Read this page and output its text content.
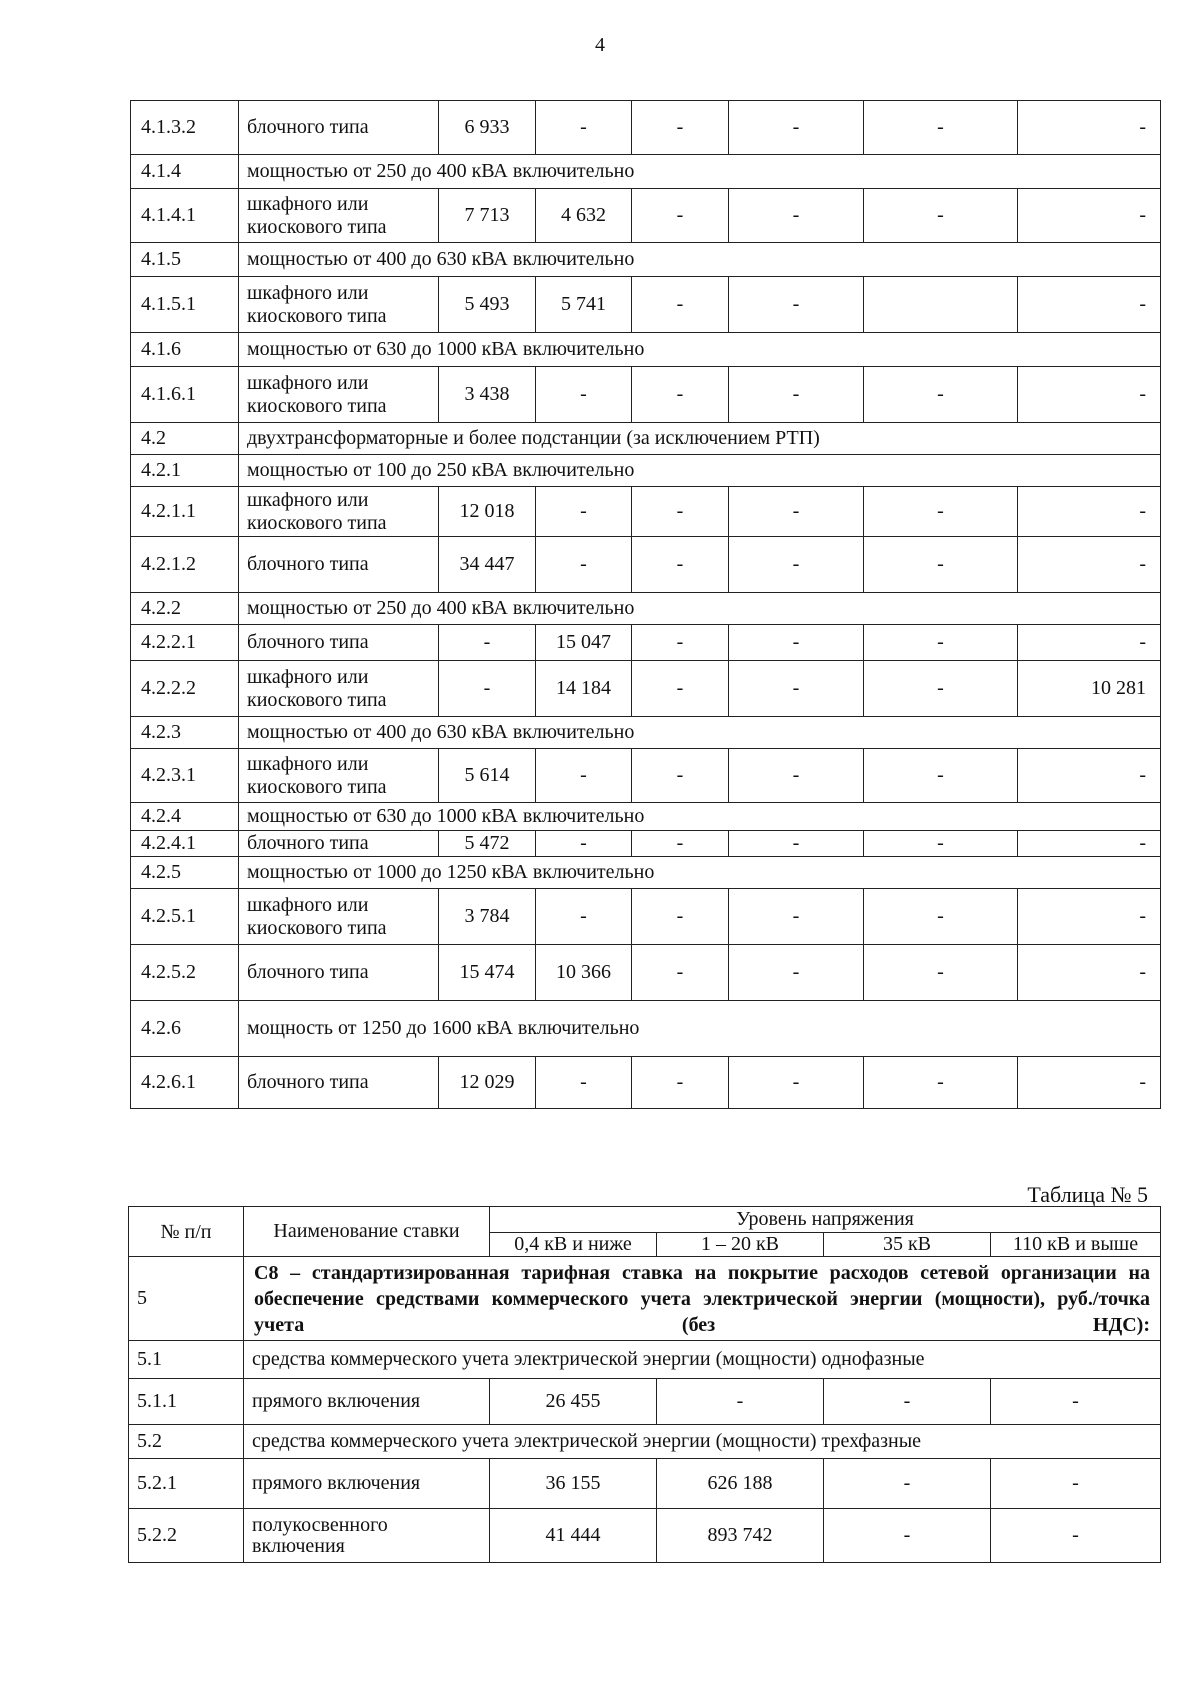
4
4.1.3.2	блочного типа	6 933	-	-	-	-	-
4.1.4	мощностью от 250 до 400 кВА включительно						
4.1.4.1	шкафного или киоскового типа	7 713	4 632	-	-	-	-
4.1.5	мощностью от 400 до 630 кВА включительно						
4.1.5.1	шкафного или киоскового типа	5 493	5 741	-	-		-
4.1.6	мощностью от 630 до 1000 кВА включительно						
4.1.6.1	шкафного или киоскового типа	3 438	-	-	-	-	-
4.2	двухтрансформаторные и более подстанции (за исключением РТП)						
4.2.1	мощностью от 100 до 250 кВА включительно						
4.2.1.1	шкафного или киоскового типа	12 018	-	-	-	-	-
4.2.1.2	блочного типа	34 447	-	-	-	-	-
4.2.2	мощностью от 250 до 400 кВА включительно						
4.2.2.1	блочного типа	-	15 047	-	-	-	-
4.2.2.2	шкафного или киоскового типа	-	14 184	-	-	-	10 281
4.2.3	мощностью от 400 до 630 кВА включительно						
4.2.3.1	шкафного или киоскового типа	5 614	-	-	-	-	-
4.2.4	мощностью от 630 до 1000 кВА включительно						
4.2.4.1	блочного типа	5 472	-	-	-	-	-
4.2.5	мощностью от 1000 до 1250 кВА включительно						
4.2.5.1	шкафного или киоскового типа	3 784	-	-	-	-	-
4.2.5.2	блочного типа	15 474	10 366	-	-	-	-
4.2.6	мощность от 1250 до 1600 кВА включительно						
4.2.6.1	блочного типа	12 029	-	-	-	-	-
Таблица № 5
№ п/п	Наименование ставки	Уровень напряжения			
		0,4 кВ и ниже	1 – 20 кВ	35 кВ	110 кВ и выше
5	С8 – стандартизированная тарифная ставка на покрытие расходов сетевой организации на обеспечение средствами коммерческого учета электрической энергии (мощности), руб./точка учета (без НДС):				
5.1	средства коммерческого учета электрической энергии (мощности) однофазные				
5.1.1	прямого включения	26 455	-	-	-
5.2	средства коммерческого учета электрической энергии (мощности) трехфазные				
5.2.1	прямого включения	36 155	626 188	-	-
5.2.2	полукосвенного включения	41 444	893 742	-	-
